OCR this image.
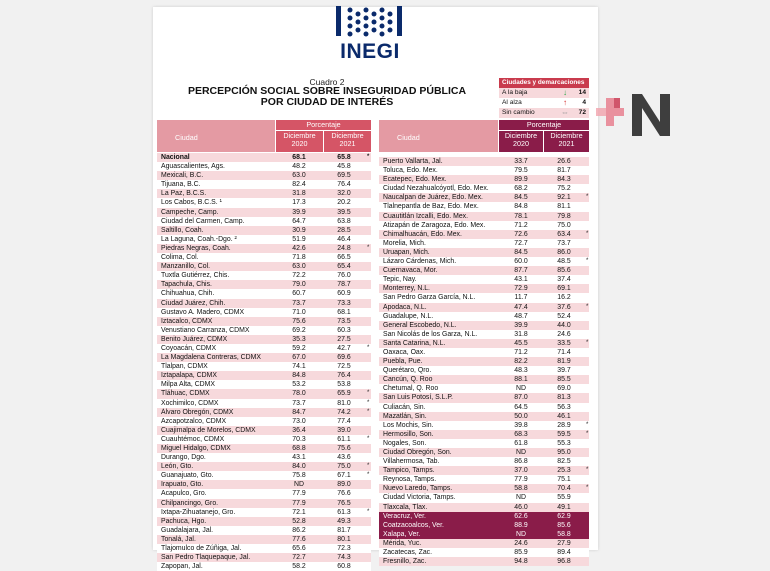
INEGI
Cuadro 2
PERCEPCIÓN SOCIAL SOBRE INSEGURIDAD PÚBLICA
POR CIUDAD DE INTERÉS
Ciudades y demarcaciones
A la baja	↓	14
Al alza	↑	4
Sin cambio	⇔	72
Ciudad
Porcentaje
Diciembre
2020
Diciembre
2021
Ciudad
Porcentaje
Diciembre
2020
Diciembre
2021
Nacional	68.1	65.8	*
Aguascalientes, Ags.	48.2	45.8	
Mexicali, B.C.	63.0	69.5	
Tijuana, B.C.	82.4	76.4	
La Paz, B.C.S.	31.8	32.0	
Los Cabos, B.C.S. ¹	17.3	20.2	
Campeche, Camp.	39.9	39.5	
Ciudad del Carmen, Camp.	64.7	63.8	
Saltillo, Coah.	30.9	28.5	
La Laguna, Coah.-Dgo. ²	51.9	46.4	
Piedras Negras, Coah.	42.6	24.8	*
Colima, Col.	71.8	66.5	
Manzanillo, Col.	63.0	65.4	
Tuxtla Gutiérrez, Chis.	72.2	76.0	
Tapachula, Chis.	79.0	78.7	
Chihuahua, Chih.	60.7	60.9	
Ciudad Juárez, Chih.	73.7	73.3	
Gustavo A. Madero, CDMX	71.0	68.1	
Iztacalco, CDMX	75.6	73.5	
Venustiano Carranza, CDMX	69.2	60.3	
Benito Juárez, CDMX	35.3	27.5	
Coyoacán, CDMX	59.2	42.7	*
La Magdalena Contreras, CDMX	67.0	69.6	
Tlalpan, CDMX	74.1	72.5	
Iztapalapa, CDMX	84.8	76.4	
Milpa Alta, CDMX	53.2	53.8	
Tláhuac, CDMX	78.0	65.9	*
Xochimilco, CDMX	73.7	81.0	*
Álvaro Obregón, CDMX	84.7	74.2	*
Azcapotzalco, CDMX	73.0	77.4	
Cuajimalpa de Morelos, CDMX	36.4	39.0	
Cuauhtémoc, CDMX	70.3	61.1	*
Miguel Hidalgo, CDMX	68.8	75.6	
Durango, Dgo.	43.1	43.6	
León, Gto.	84.0	75.0	*
Guanajuato, Gto.	75.8	67.1	*
Irapuato, Gto.	ND	89.0	
Acapulco, Gro.	77.9	76.6	
Chilpancingo, Gro.	77.9	76.5	
Ixtapa-Zihuatanejo, Gro.	72.1	61.3	*
Pachuca, Hgo.	52.8	49.3	
Guadalajara, Jal.	86.2	81.7	
Tonalá, Jal.	77.6	80.1	
Tlajomulco de Zúñiga, Jal.	65.6	72.3	
San Pedro Tlaquepaque, Jal.	72.7	74.3	
Zapopan, Jal.	58.2	60.8	
Puerto Vallarta, Jal.	33.7	26.6	
Toluca, Edo. Mex.	79.5	81.7	
Ecatepec, Edo. Mex.	89.9	84.3	
Ciudad Nezahualcóyotl, Edo. Mex.	68.2	75.2	
Naucalpan de Juárez, Edo. Mex.	84.5	92.1	*
Tlalnepantla de Baz, Edo. Mex.	84.8	81.1	
Cuautitlán Izcalli, Edo. Mex.	78.1	79.8	
Atizapán de Zaragoza, Edo. Mex.	71.2	75.0	
Chimalhuacán, Edo. Mex.	72.6	63.4	*
Morelia, Mich.	72.7	73.7	
Uruapan, Mich.	84.5	86.0	
Lázaro Cárdenas, Mich.	60.0	48.5	*
Cuernavaca, Mor.	87.7	85.6	
Tepic, Nay.	43.1	37.4	
Monterrey, N.L.	72.9	69.1	
San Pedro Garza García, N.L.	11.7	16.2	
Apodaca, N.L.	47.4	37.6	*
Guadalupe, N.L.	48.7	52.4	
General Escobedo, N.L.	39.9	44.0	
San Nicolás de los Garza, N.L.	31.8	24.6	
Santa Catarina, N.L.	45.5	33.5	*
Oaxaca, Oax.	71.2	71.4	
Puebla, Pue.	82.2	81.9	
Querétaro, Qro.	48.3	39.7	
Cancún, Q. Roo	88.1	85.5	
Chetumal, Q. Roo	ND	69.0	
San Luis Potosí, S.L.P.	87.0	81.3	
Culiacán, Sin.	64.5	56.3	
Mazatlán, Sin.	50.0	46.1	
Los Mochis, Sin.	39.8	28.9	*
Hermosillo, Son.	68.3	59.5	*
Nogales, Son.	61.8	55.3	
Ciudad Obregón, Son.	ND	95.0	
Villahermosa, Tab.	86.8	82.5	
Tampico, Tamps.	37.0	25.3	*
Reynosa, Tamps.	77.9	75.1	
Nuevo Laredo, Tamps.	58.8	70.4	*
Ciudad Victoria, Tamps.	ND	55.9	
Tlaxcala, Tlax.	46.0	49.1	
Veracruz, Ver.	62.6	62.9	
Coatzacoalcos, Ver.	88.9	85.6	
Xalapa, Ver.	ND	58.8	
Mérida, Yuc.	24.6	27.9	
Zacatecas, Zac.	85.9	89.4	
Fresnillo, Zac.	94.8	96.8	
